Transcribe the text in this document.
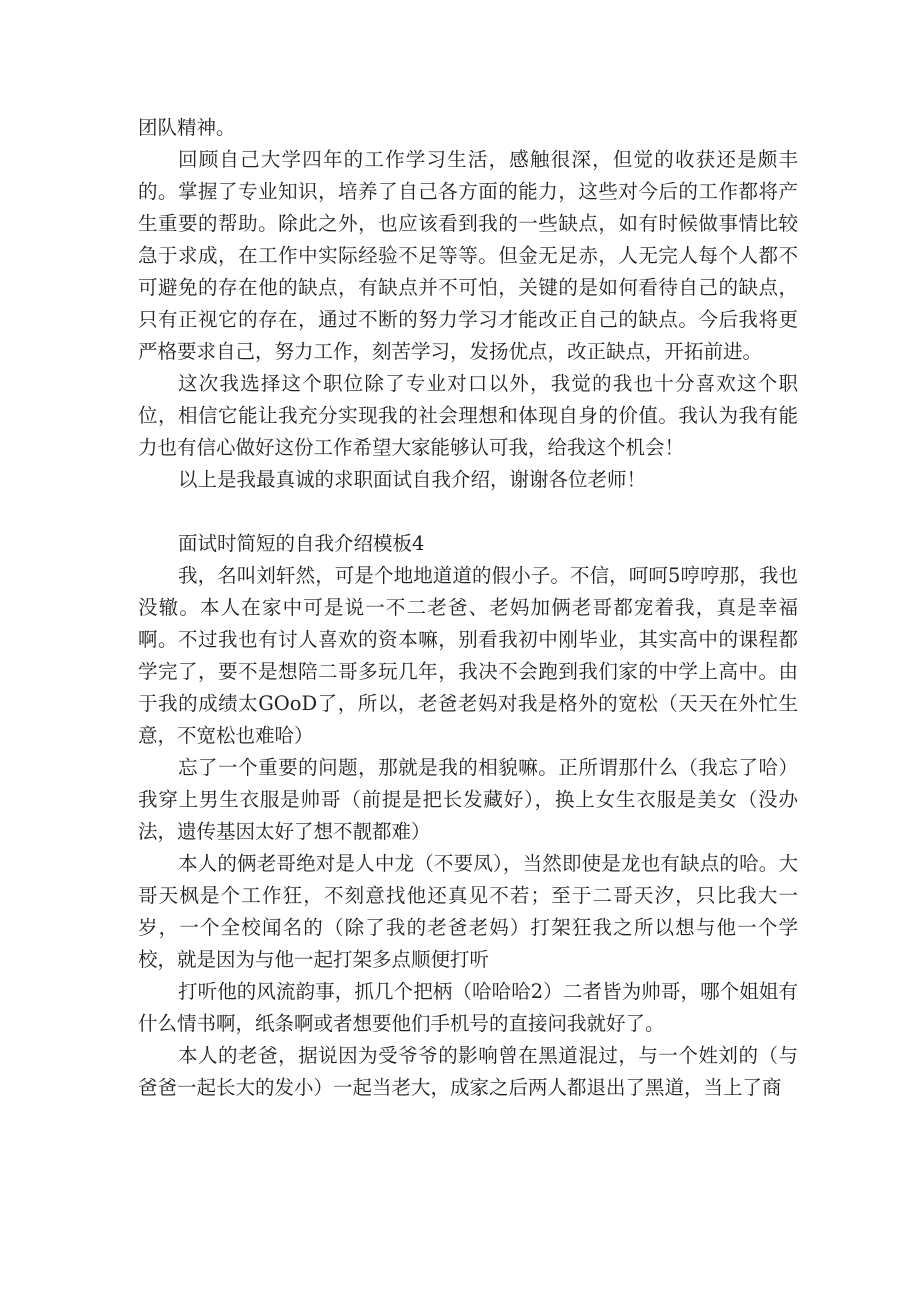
团队精神。

回顾自己大学四年的工作学习生活，感触很深，但觉的收获还是颇丰的。掌握了专业知识，培养了自己各方面的能力，这些对今后的工作都将产生重要的帮助。除此之外，也应该看到我的一些缺点，如有时候做事情比较急于求成，在工作中实际经验不足等等。但金无足赤，人无完人每个人都不可避免的存在他的缺点，有缺点并不可怕，关键的是如何看待自己的缺点，只有正视它的存在，通过不断的努力学习才能改正自己的缺点。今后我将更严格要求自己，努力工作，刻苦学习，发扬优点，改正缺点，开拓前进。

这次我选择这个职位除了专业对口以外，我觉的我也十分喜欢这个职位，相信它能让我充分实现我的社会理想和体现自身的价值。我认为我有能力也有信心做好这份工作希望大家能够认可我，给我这个机会！

以上是我最真诚的求职面试自我介绍，谢谢各位老师！

面试时简短的自我介绍模板4

我，名叫刘轩然，可是个地地道道的假小子。不信，呵呵5哼哼那，我也没辙。本人在家中可是说一不二老爸、老妈加俩老哥都宠着我，真是幸福啊。不过我也有讨人喜欢的资本嘛，别看我初中刚毕业，其实高中的课程都学完了，要不是想陪二哥多玩几年，我决不会跑到我们家的中学上高中。由于我的成绩太GOoD了，所以，老爸老妈对我是格外的宽松（天天在外忙生意，不宽松也难哈）

忘了一个重要的问题，那就是我的相貌嘛。正所谓那什么（我忘了哈）我穿上男生衣服是帅哥（前提是把长发藏好），换上女生衣服是美女（没办法，遗传基因太好了想不靓都难）

本人的俩老哥绝对是人中龙（不要凤），当然即使是龙也有缺点的哈。大哥天枫是个工作狂，不刻意找他还真见不若；至于二哥天汐，只比我大一岁，一个全校闻名的（除了我的老爸老妈）打架狂我之所以想与他一个学校，就是因为与他一起打架多点顺便打听

打听他的风流韵事，抓几个把柄（哈哈哈2）二者皆为帅哥，哪个姐姐有什么情书啊，纸条啊或者想要他们手机号的直接问我就好了。

本人的老爸，据说因为受爷爷的影响曾在黑道混过，与一个姓刘的（与爸爸一起长大的发小）一起当老大，成家之后两人都退出了黑道，当上了商
